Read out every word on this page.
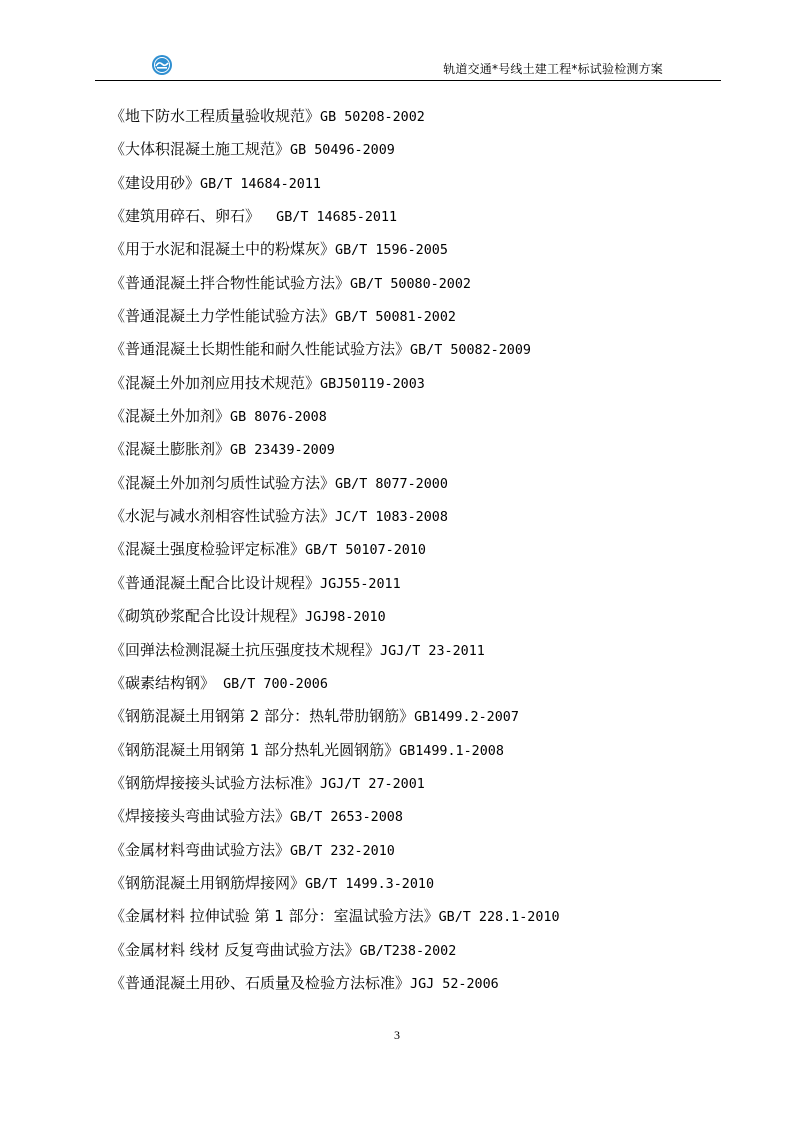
轨道交通*号线土建工程*标试验检测方案
《地下防水工程质量验收规范》GB 50208-2002
《大体积混凝土施工规范》GB 50496-2009
《建设用砂》GB/T 14684-2011
《建筑用碎石、卵石》  GB/T 14685-2011
《用于水泥和混凝土中的粉煤灰》GB/T 1596-2005
《普通混凝土拌合物性能试验方法》GB/T 50080-2002
《普通混凝土力学性能试验方法》GB/T 50081-2002
《普通混凝土长期性能和耐久性能试验方法》GB/T 50082-2009
《混凝土外加剂应用技术规范》GBJ50119-2003
《混凝土外加剂》GB 8076-2008
《混凝土膨胀剂》GB 23439-2009
《混凝土外加剂匀质性试验方法》GB/T 8077-2000
《水泥与减水剂相容性试验方法》JC/T 1083-2008
《混凝土强度检验评定标准》GB/T 50107-2010
《普通混凝土配合比设计规程》JGJ55-2011
《砌筑砂浆配合比设计规程》JGJ98-2010
《回弹法检测混凝土抗压强度技术规程》JGJ/T 23-2011
《碳素结构钢》 GB/T 700-2006
《钢筋混凝土用钢第 2 部分：热轧带肋钢筋》GB1499.2-2007
《钢筋混凝土用钢第 1 部分热轧光圆钢筋》GB1499.1-2008
《钢筋焊接接头试验方法标准》JGJ/T 27-2001
《焊接接头弯曲试验方法》GB/T 2653-2008
《金属材料弯曲试验方法》GB/T 232-2010
《钢筋混凝土用钢筋焊接网》GB/T 1499.3-2010
《金属材料 拉伸试验 第 1 部分：室温试验方法》GB/T 228.1-2010
《金属材料 线材 反复弯曲试验方法》GB/T238-2002
《普通混凝土用砂、石质量及检验方法标准》JGJ 52-2006
3
